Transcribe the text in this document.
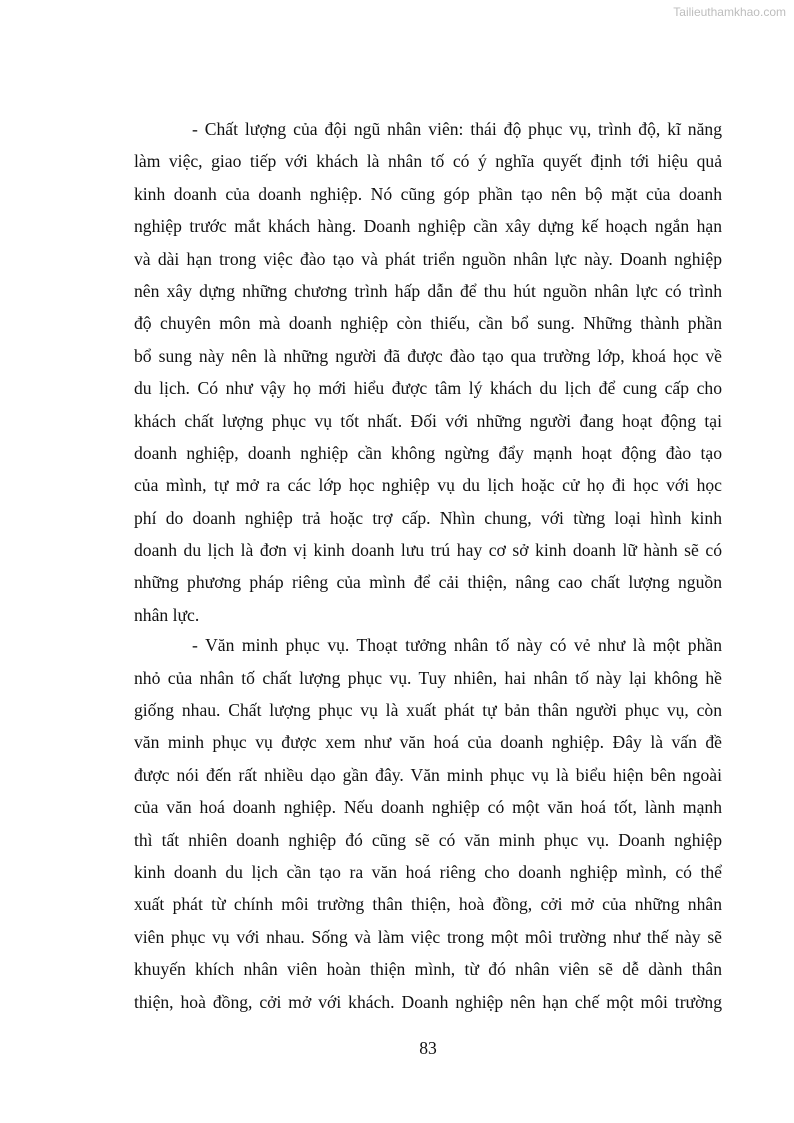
Tailieuthamkhao.com
- Chất lượng của đội ngũ nhân viên: thái độ phục vụ, trình độ, kĩ năng
làm việc, giao tiếp với khách là nhân tố có ý nghĩa quyết định tới hiệu quả
kinh doanh của doanh nghiệp. Nó cũng góp phần tạo nên bộ mặt của doanh
nghiệp trước mắt khách hàng. Doanh nghiệp cần xây dựng kế hoạch ngắn hạn
và dài hạn trong việc đào tạo và phát triển nguồn nhân lực này. Doanh nghiệp
nên xây dựng những chương trình hấp dẫn để thu hút nguồn nhân lực có trình
độ chuyên môn mà doanh nghiệp còn thiếu, cần bổ sung. Những thành phần
bổ sung này nên là những người đã được đào tạo qua trường lớp, khoá học về
du lịch. Có như vậy họ mới hiểu được tâm lý khách du lịch để cung cấp cho
khách chất lượng phục vụ tốt nhất. Đối với những người đang hoạt động tại
doanh nghiệp, doanh nghiệp cần không ngừng đẩy mạnh hoạt động đào tạo
của mình, tự mở ra các lớp học nghiệp vụ du lịch hoặc cử họ đi học với học
phí do doanh nghiệp trả hoặc trợ cấp. Nhìn chung, với từng loại hình kinh
doanh du lịch là đơn vị kinh doanh lưu trú hay cơ sở kinh doanh lữ hành sẽ có
những phương pháp riêng của mình để cải thiện, nâng cao chất lượng nguồn
nhân lực.
- Văn minh phục vụ. Thoạt tưởng nhân tố này có vẻ như là một phần
nhỏ của nhân tố chất lượng phục vụ. Tuy nhiên, hai nhân tố này lại không hề
giống nhau. Chất lượng phục vụ là xuất phát tự bản thân người phục vụ, còn
văn minh phục vụ được xem như văn hoá của doanh nghiệp. Đây là vấn đề
được nói đến rất nhiều dạo gần đây. Văn minh phục vụ là biểu hiện bên ngoài
của văn hoá doanh nghiệp. Nếu doanh nghiệp có một văn hoá tốt, lành mạnh
thì tất nhiên doanh nghiệp đó cũng sẽ có văn minh phục vụ. Doanh nghiệp
kinh doanh du lịch cần tạo ra văn hoá riêng cho doanh nghiệp mình, có thể
xuất phát từ chính môi trường thân thiện, hoà đồng, cởi mở của những nhân
viên phục vụ với nhau. Sống và làm việc trong một môi trường như thế này sẽ
khuyến khích nhân viên hoàn thiện mình, từ đó nhân viên sẽ dễ dành thân
thiện, hoà đồng, cởi mở với khách. Doanh nghiệp nên hạn chế một môi trường
83
